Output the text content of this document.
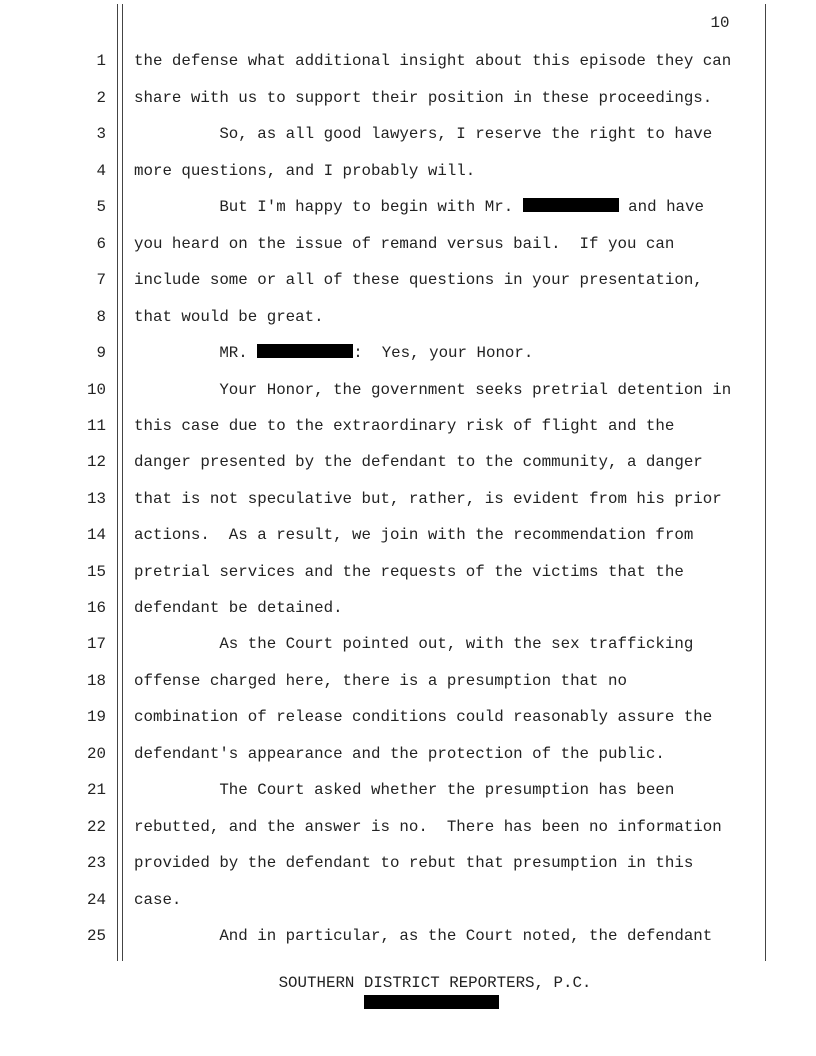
10
1 the defense what additional insight about this episode they can
2 share with us to support their position in these proceedings.
3 So, as all good lawyers, I reserve the right to have
4 more questions, and I probably will.
5 But I'm happy to begin with Mr.	and have
6 you heard on the issue of remand versus bail.  If you can
7 include some or all of these questions in your presentation,
8 that would be great.
9 MR.	:  Yes, your Honor.
10 Your Honor, the government seeks pretrial detention in
11 this case due to the extraordinary risk of flight and the
12 danger presented by the defendant to the community, a danger
13 that is not speculative but, rather, is evident from his prior
14 actions.  As a result, we join with the recommendation from
15 pretrial services and the requests of the victims that the
16 defendant be detained.
17 As the Court pointed out, with the sex trafficking
18 offense charged here, there is a presumption that no
19 combination of release conditions could reasonably assure the
20 defendant's appearance and the protection of the public.
21 The Court asked whether the presumption has been
22 rebutted, and the answer is no.  There has been no information
23 provided by the defendant to rebut that presumption in this
24 case.
25 And in particular, as the Court noted, the defendant
SOUTHERN DISTRICT REPORTERS, P.C.
